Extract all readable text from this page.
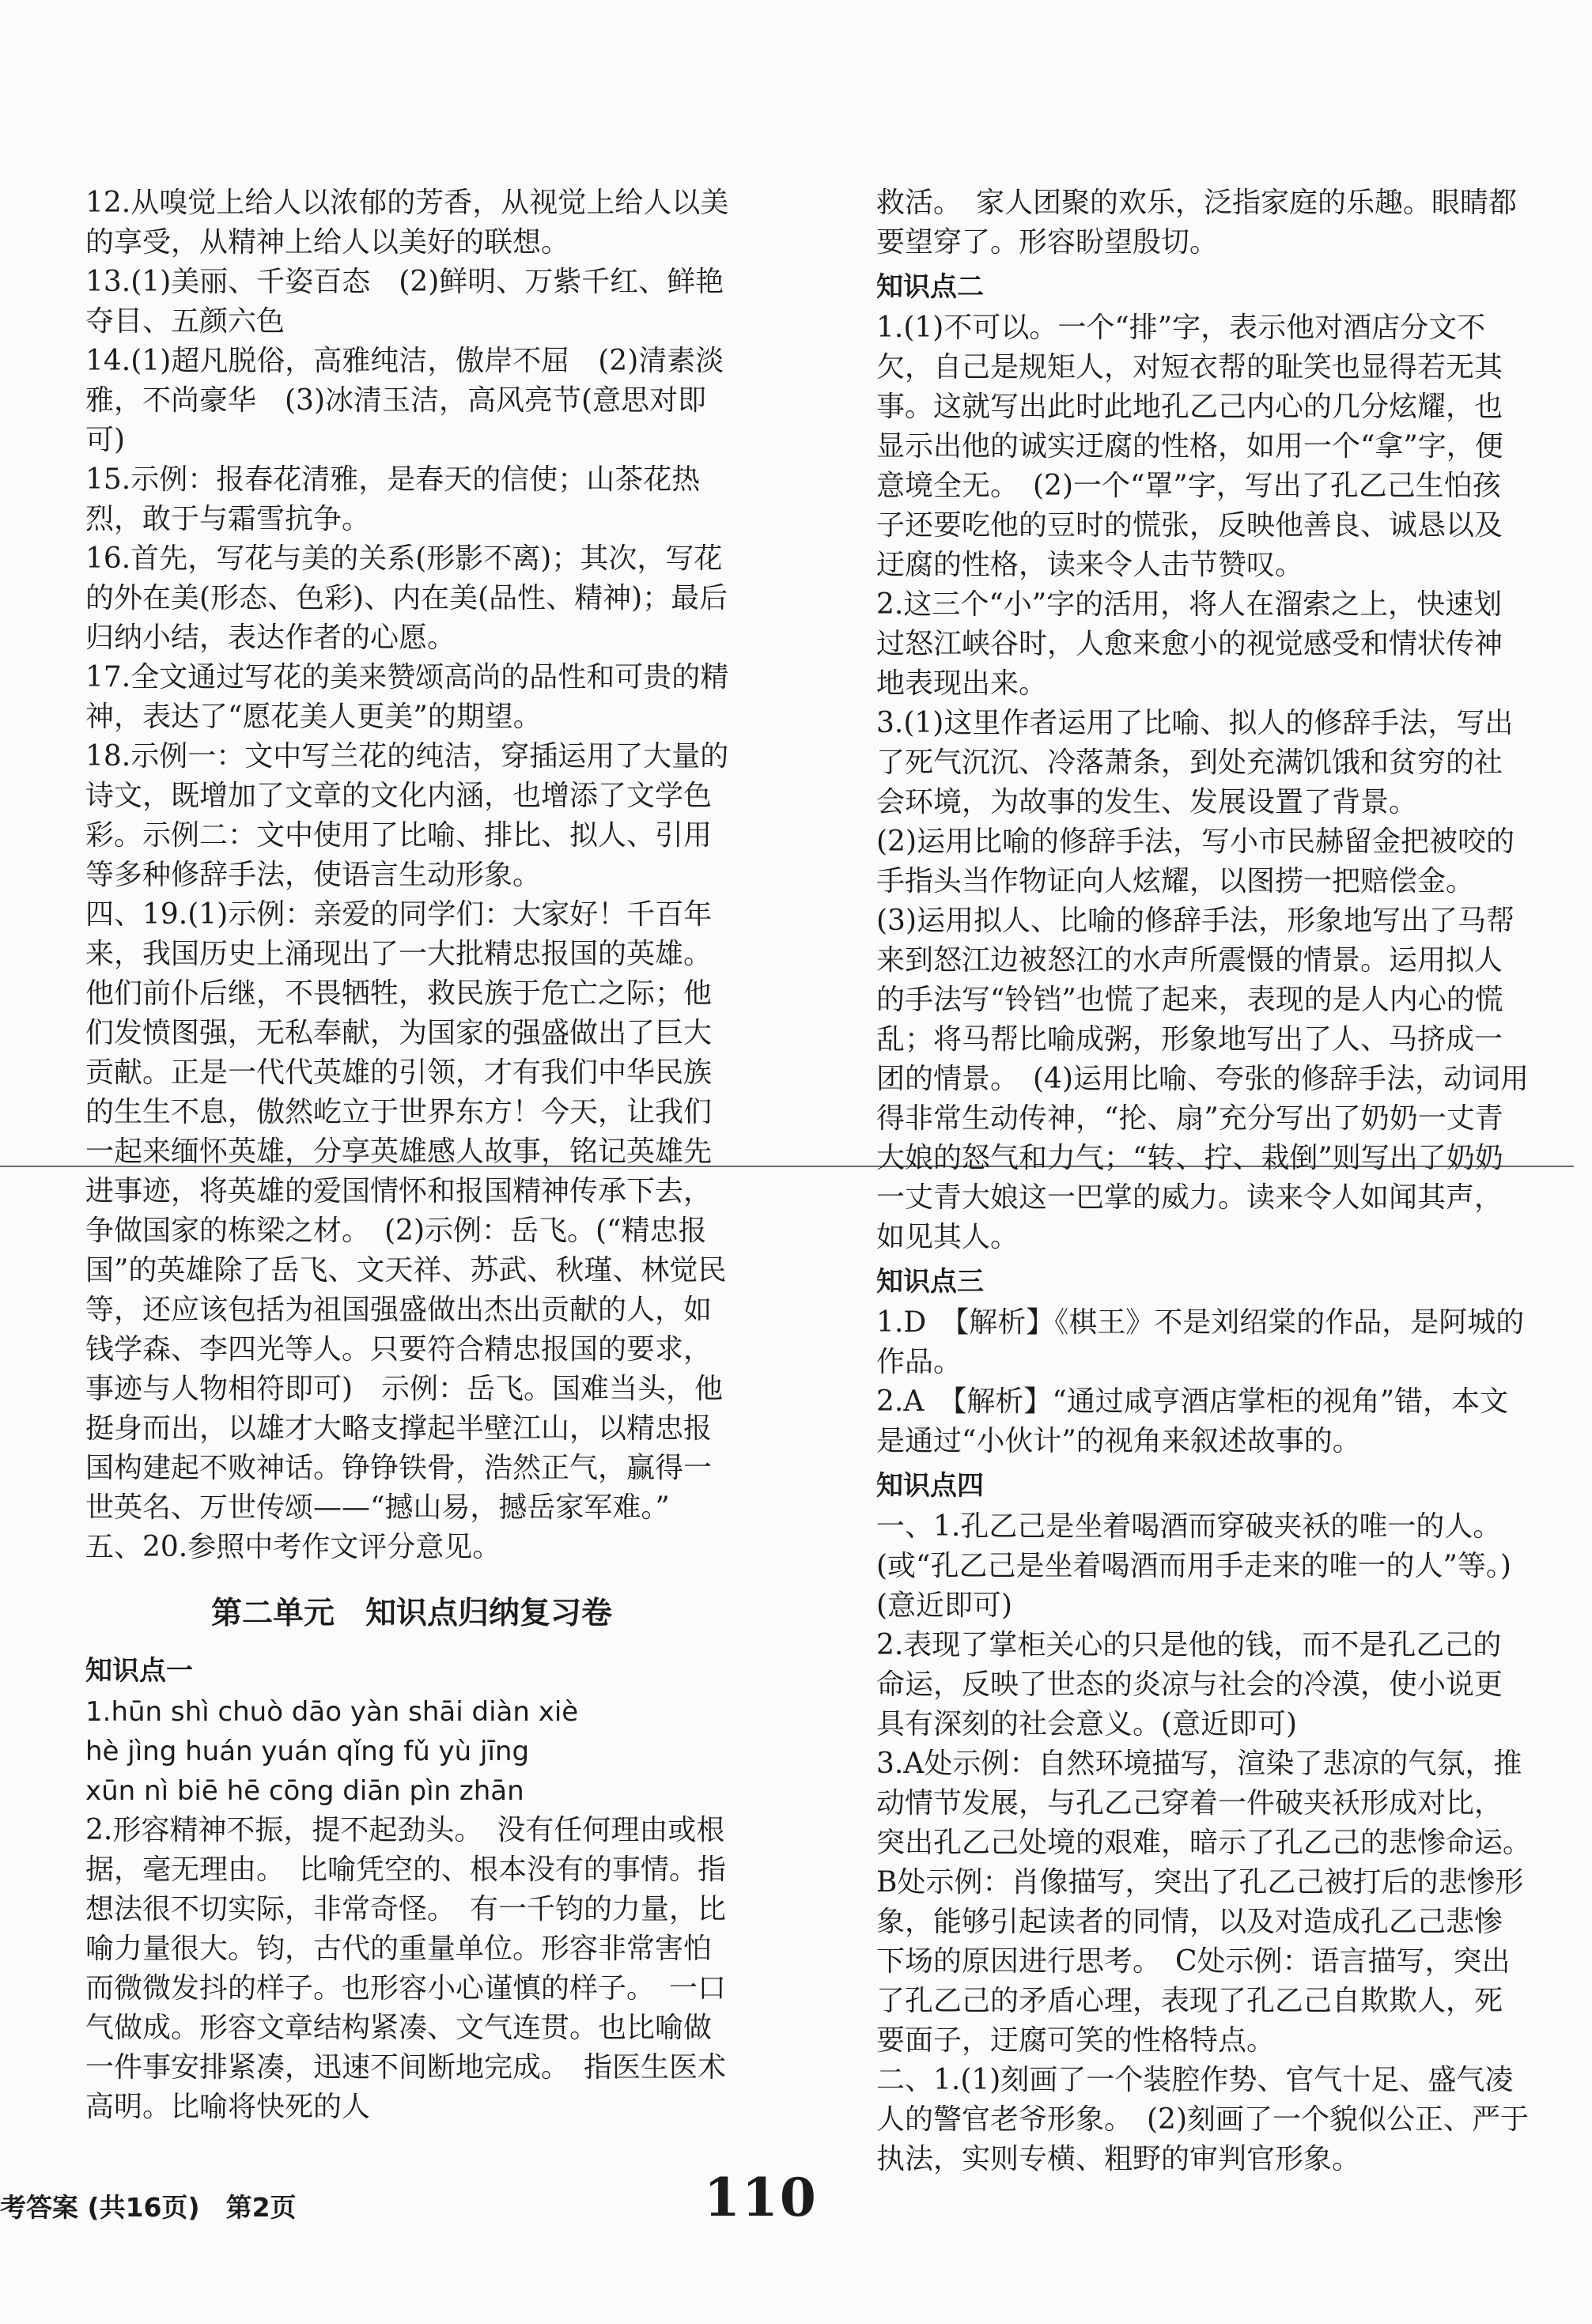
12.从嗅觉上给人以浓郁的芳香，从视觉上给人以美的享受，从精神上给人以美好的联想。

13.(1)美丽、千姿百态　(2)鲜明、万紫千红、鲜艳夺目、五颜六色

14.(1)超凡脱俗，高雅纯洁，傲岸不屈　(2)清素淡雅，不尚豪华　(3)冰清玉洁，高风亮节(意思对即可)

15.示例：报春花清雅，是春天的信使；山茶花热烈，敢于与霜雪抗争。

16.首先，写花与美的关系(形影不离)；其次，写花的外在美(形态、色彩)、内在美(品性、精神)；最后归纳小结，表达作者的心愿。

17.全文通过写花的美来赞颂高尚的品性和可贵的精神，表达了“愿花美人更美”的期望。

18.示例一：文中写兰花的纯洁，穿插运用了大量的诗文，既增加了文章的文化内涵，也增添了文学色彩。示例二：文中使用了比喻、排比、拟人、引用等多种修辞手法，使语言生动形象。

四、19.(1)示例：亲爱的同学们：大家好！千百年来，我国历史上涌现出了一大批精忠报国的英雄。他们前仆后继，不畏牺牲，救民族于危亡之际；他们发愤图强，无私奉献，为国家的强盛做出了巨大贡献。正是一代代英雄的引领，才有我们中华民族的生生不息，傲然屹立于世界东方！今天，让我们一起来缅怀英雄，分享英雄感人故事，铭记英雄先进事迹，将英雄的爱国情怀和报国精神传承下去，争做国家的栋梁之材。　(2)示例：岳飞。(“精忠报国”的英雄除了岳飞、文天祥、苏武、秋瑾、林觉民等，还应该包括为祖国强盛做出杰出贡献的人，如钱学森、李四光等人。只要符合精忠报国的要求，事迹与人物相符即可)　示例：岳飞。国难当头，他挺身而出，以雄才大略支撑起半壁江山，以精忠报国构建起不败神话。铮铮铁骨，浩然正气，赢得一世英名、万世传颂——“撼山易，撼岳家军难。”

五、20.参照中考作文评分意见。

第二单元　知识点归纳复习卷
知识点一

1.hūn shì chuò dāo yàn shāi diàn xiè

hè jìng huán yuán qǐng fǔ yù jīng

xūn nì biē hē cōng diān pìn zhān

2.形容精神不振，提不起劲头。　没有任何理由或根据，毫无理由。　比喻凭空的、根本没有的事情。指想法很不切实际，非常奇怪。　有一千钧的力量，比喻力量很大。钧，古代的重量单位。形容非常害怕而微微发抖的样子。也形容小心谨慎的样子。　一口气做成。形容文章结构紧凑、文气连贯。也比喻做一件事安排紧凑，迅速不间断地完成。　指医生医术高明。比喻将快死的人

救活。　家人团聚的欢乐，泛指家庭的乐趣。眼睛都要望穿了。形容盼望殷切。

知识点二

1.(1)不可以。一个“排”字，表示他对酒店分文不欠，自己是规矩人，对短衣帮的耻笑也显得若无其事。这就写出此时此地孔乙己内心的几分炫耀，也显示出他的诚实迂腐的性格，如用一个“拿”字，便意境全无。　(2)一个“罩”字，写出了孔乙己生怕孩子还要吃他的豆时的慌张，反映他善良、诚恳以及迂腐的性格，读来令人击节赞叹。

2.这三个“小”字的活用，将人在溜索之上，快速划过怒江峡谷时，人愈来愈小的视觉感受和情状传神地表现出来。

3.(1)这里作者运用了比喻、拟人的修辞手法，写出了死气沉沉、冷落萧条，到处充满饥饿和贫穷的社会环境，为故事的发生、发展设置了背景。

(2)运用比喻的修辞手法，写小市民赫留金把被咬的手指头当作物证向人炫耀，以图捞一把赔偿金。

(3)运用拟人、比喻的修辞手法，形象地写出了马帮来到怒江边被怒江的水声所震慑的情景。运用拟人的手法写“铃铛”也慌了起来，表现的是人内心的慌乱；将马帮比喻成粥，形象地写出了人、马挤成一团的情景。　(4)运用比喻、夸张的修辞手法，动词用得非常生动传神，“抡、扇”充分写出了奶奶一丈青大娘的怒气和力气；“转、拧、栽倒”则写出了奶奶一丈青大娘这一巴掌的威力。读来令人如闻其声，如见其人。

知识点三

1.D　【解析】《棋王》不是刘绍棠的作品，是阿城的作品。

2.A　【解析】“通过咸亨酒店掌柜的视角”错，本文是通过“小伙计”的视角来叙述故事的。

知识点四

一、1.孔乙己是坐着喝酒而穿破夹袄的唯一的人。(或“孔乙己是坐着喝酒而用手走来的唯一的人”等。)(意近即可)

2.表现了掌柜关心的只是他的钱，而不是孔乙己的命运，反映了世态的炎凉与社会的冷漠，使小说更具有深刻的社会意义。(意近即可)

3.A处示例：自然环境描写，渲染了悲凉的气氛，推动情节发展，与孔乙己穿着一件破夹袄形成对比，突出孔乙己处境的艰难，暗示了孔乙己的悲惨命运。　B处示例：肖像描写，突出了孔乙己被打后的悲惨形象，能够引起读者的同情，以及对造成孔乙己悲惨下场的原因进行思考。　C处示例：语言描写，突出了孔乙己的矛盾心理，表现了孔乙己自欺欺人，死要面子，迂腐可笑的性格特点。

二、1.(1)刻画了一个装腔作势、官气十足、盛气凌人的警官老爷形象。　(2)刻画了一个貌似公正、严于执法，实则专横、粗野的审判官形象。

考答案 (共16页)　第2页	110
